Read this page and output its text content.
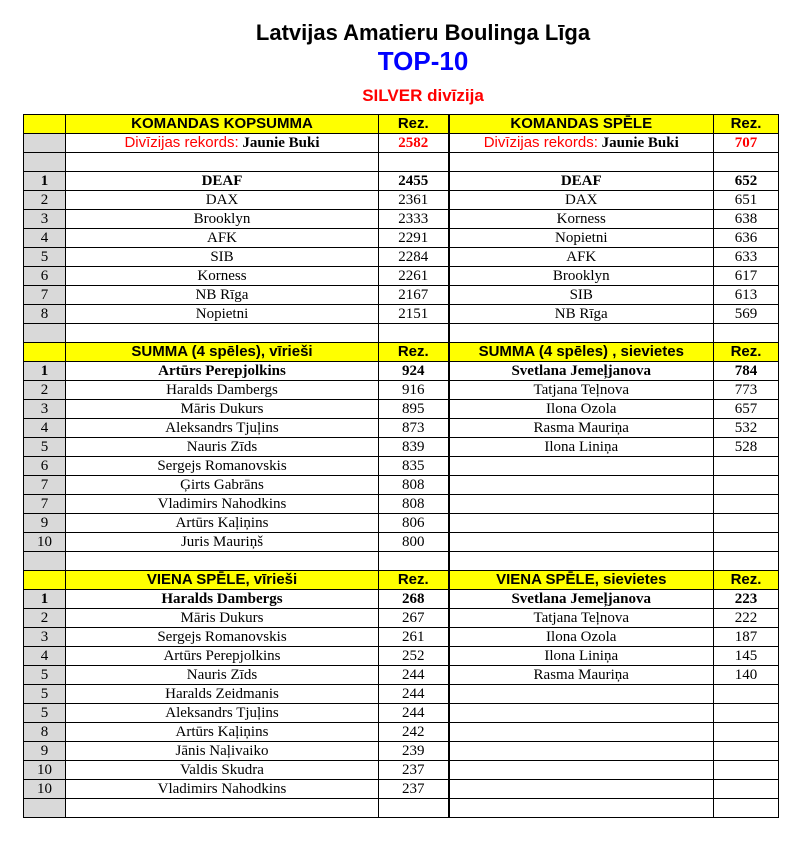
Latvijas Amatieru Boulinga Līga
TOP-10
SILVER divīzija
	KOMANDAS KOPSUMMA	Rez.	KOMANDAS SPĒLE	Rez.
	Divīzijas rekords: Jaunie Buki	2582	Divīzijas rekords: Jaunie Buki	707

1	DEAF	2455	DEAF	652
2	DAX	2361	DAX	651
3	Brooklyn	2333	Korness	638
4	AFK	2291	Nopietni	636
5	SIB	2284	AFK	633
6	Korness	2261	Brooklyn	617
7	NB Rīga	2167	SIB	613
8	Nopietni	2151	NB Rīga	569

	SUMMA (4 spēles), vīrieši	Rez.	SUMMA (4 spēles) , sievietes	Rez.
1	Artūrs Perepjolkins	924	Svetlana Jemeļjanova	784
2	Haralds Dambergs	916	Tatjana Teļnova	773
3	Māris Dukurs	895	Ilona Ozola	657
4	Aleksandrs Tjuļins	873	Rasma Mauriņa	532
5	Nauris Zīds	839	Ilona Liniņa	528
6	Sergejs Romanovskis	835		
7	Ģirts Gabrāns	808		
7	Vladimirs Nahodkins	808		
9	Artūrs Kaļiņins	806		
10	Juris Mauriņš	800		

	VIENA SPĒLE, vīrieši	Rez.	VIENA SPĒLE, sievietes	Rez.
1	Haralds Dambergs	268	Svetlana Jemeļjanova	223
2	Māris Dukurs	267	Tatjana Teļnova	222
3	Sergejs Romanovskis	261	Ilona Ozola	187
4	Artūrs Perepjolkins	252	Ilona Liniņa	145
5	Nauris Zīds	244	Rasma Mauriņa	140
5	Haralds Zeidmanis	244		
5	Aleksandrs Tjuļins	244		
8	Artūrs Kaļiņins	242		
9	Jānis Naļivaiko	239		
10	Valdis Skudra	237		
10	Vladimirs Nahodkins	237		
